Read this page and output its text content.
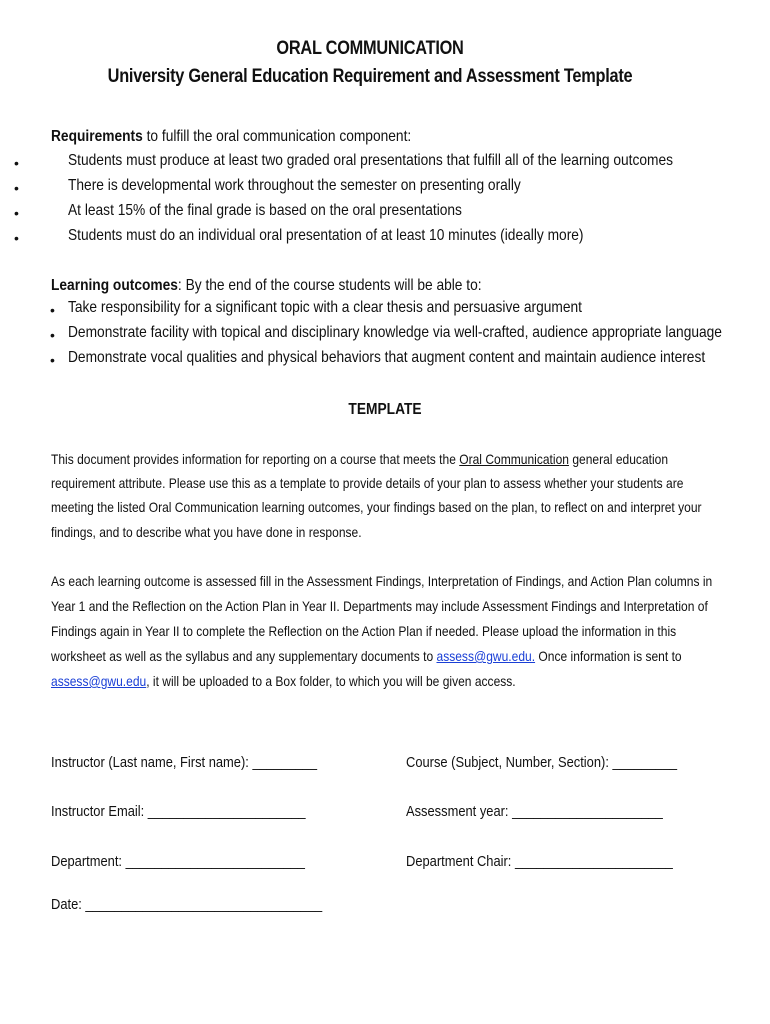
ORAL COMMUNICATION
University General Education Requirement and Assessment Template
Requirements to fulfill the oral communication component:
•	Students must produce at least two graded oral presentations that fulfill all of the learning outcomes
•	There is developmental work throughout the semester on presenting orally
•	At least 15% of the final grade is based on the oral presentations
•	Students must do an individual oral presentation of at least 10 minutes (ideally more)
Learning outcomes: By the end of the course students will be able to:
• Take responsibility for a significant topic with a clear thesis and persuasive argument
• Demonstrate facility with topical and disciplinary knowledge via well-crafted, audience appropriate language
• Demonstrate vocal qualities and physical behaviors that augment content and maintain audience interest
TEMPLATE
This document provides information for reporting on a course that meets the Oral Communication general education
requirement attribute. Please use this as a template to provide details of your plan to assess whether your students are
meeting the listed Oral Communication learning outcomes, your findings based on the plan, to reflect on and interpret your
findings, and to describe what you have done in response.
As each learning outcome is assessed fill in the Assessment Findings, Interpretation of Findings, and Action Plan columns in
Year 1 and the Reflection on the Action Plan in Year II. Departments may include Assessment Findings and Interpretation of
Findings again in Year II to complete the Reflection on the Action Plan if needed. Please upload the information in this
worksheet as well as the syllabus and any supplementary documents to assess@gwu.edu. Once information is sent to
assess@gwu.edu, it will be uploaded to a Box folder, to which you will be given access.
Instructor (Last name, First name): _________	Course (Subject, Number, Section): _________
Instructor Email: ______________________	Assessment year: _____________________
Department: _________________________	Department Chair: ______________________
Date: _________________________________
